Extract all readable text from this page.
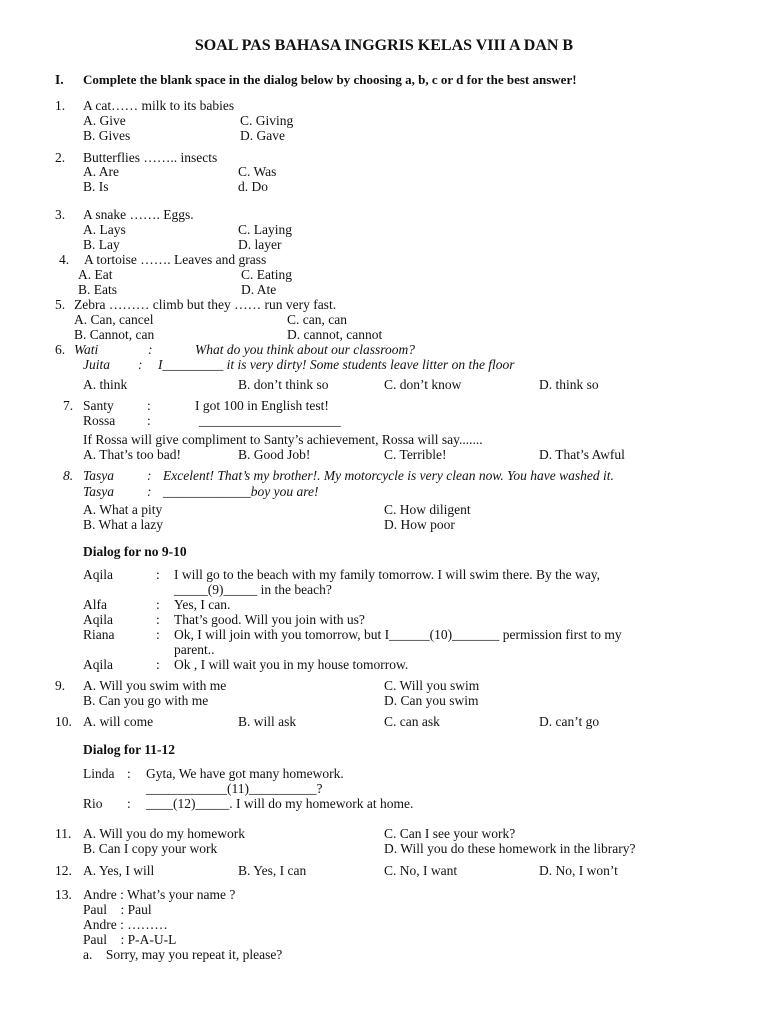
SOAL PAS BAHASA INGGRIS KELAS VIII A DAN B
I. Complete the blank space in the dialog below by choosing a, b, c or d for the best answer!
1. A cat…… milk to its babies
A. Give
B. Gives
C. Giving
D. Gave
2. Butterflies …….. insects
A. Are
B. Is
C. Was
d. Do
3. A snake ……. Eggs.
A. Lays
B. Lay
C. Laying
D. layer
4. A tortoise ……. Leaves and grass
A. Eat
B. Eats
C. Eating
D. Ate
5. Zebra ……… climb but they …… run very fast.
A. Can, cancel
B. Cannot, can
C. can, can
D. cannot, cannot
6. Wati	:	What do you think about our classroom?
Juita : I_________ it is very dirty! Some students leave litter on the floor
A. think	B. don’t think so	C. don’t know	D. think so
7. Santy :	I got 100 in English test!
Rossa :	_____________________
If Rossa will give compliment to Santy’s achievement, Rossa will say.......
A. That’s too bad!	B. Good Job!	C. Terrible!	D. That’s Awful
8. Tasya : Excelent! That’s my brother!. My motorcycle is very clean now. You have washed it.
Tasya : _____________boy you are!
A. What a pity
B. What a lazy
C. How diligent
D. How poor
Dialog for no 9-10
Aqila	: I will go to the beach with my family tomorrow. I will swim there. By the way,
_____(9)_____ in the beach?
Alfa	: Yes, I can.
Aqila	: That’s good. Will you join with us?
Riana	: Ok, I will join with you tomorrow, but I______(10)_______ permission first to my
parent..
Aqila	: Ok , I will wait you in my house tomorrow.
9. A. Will you swim with me
B. Can you go with me
C. Will you swim
D. Can you swim
10. A. will come	B. will ask	C. can ask	D. can’t go
Dialog for 11-12
Linda : Gyta, We have got many homework.
____________(11)__________?
Rio : ____(12)_____. I will do my homework at home.
11. A. Will you do my homework
B. Can I copy your work
C. Can I see your work?
D. Will you do these homework in the library?
12. A. Yes, I will	B. Yes, I can	C. No, I want	D. No, I won’t
13. Andre : What’s your name ?
Paul    : Paul
Andre : ………
Paul    : P-A-U-L
a.    Sorry, may you repeat it, please?
